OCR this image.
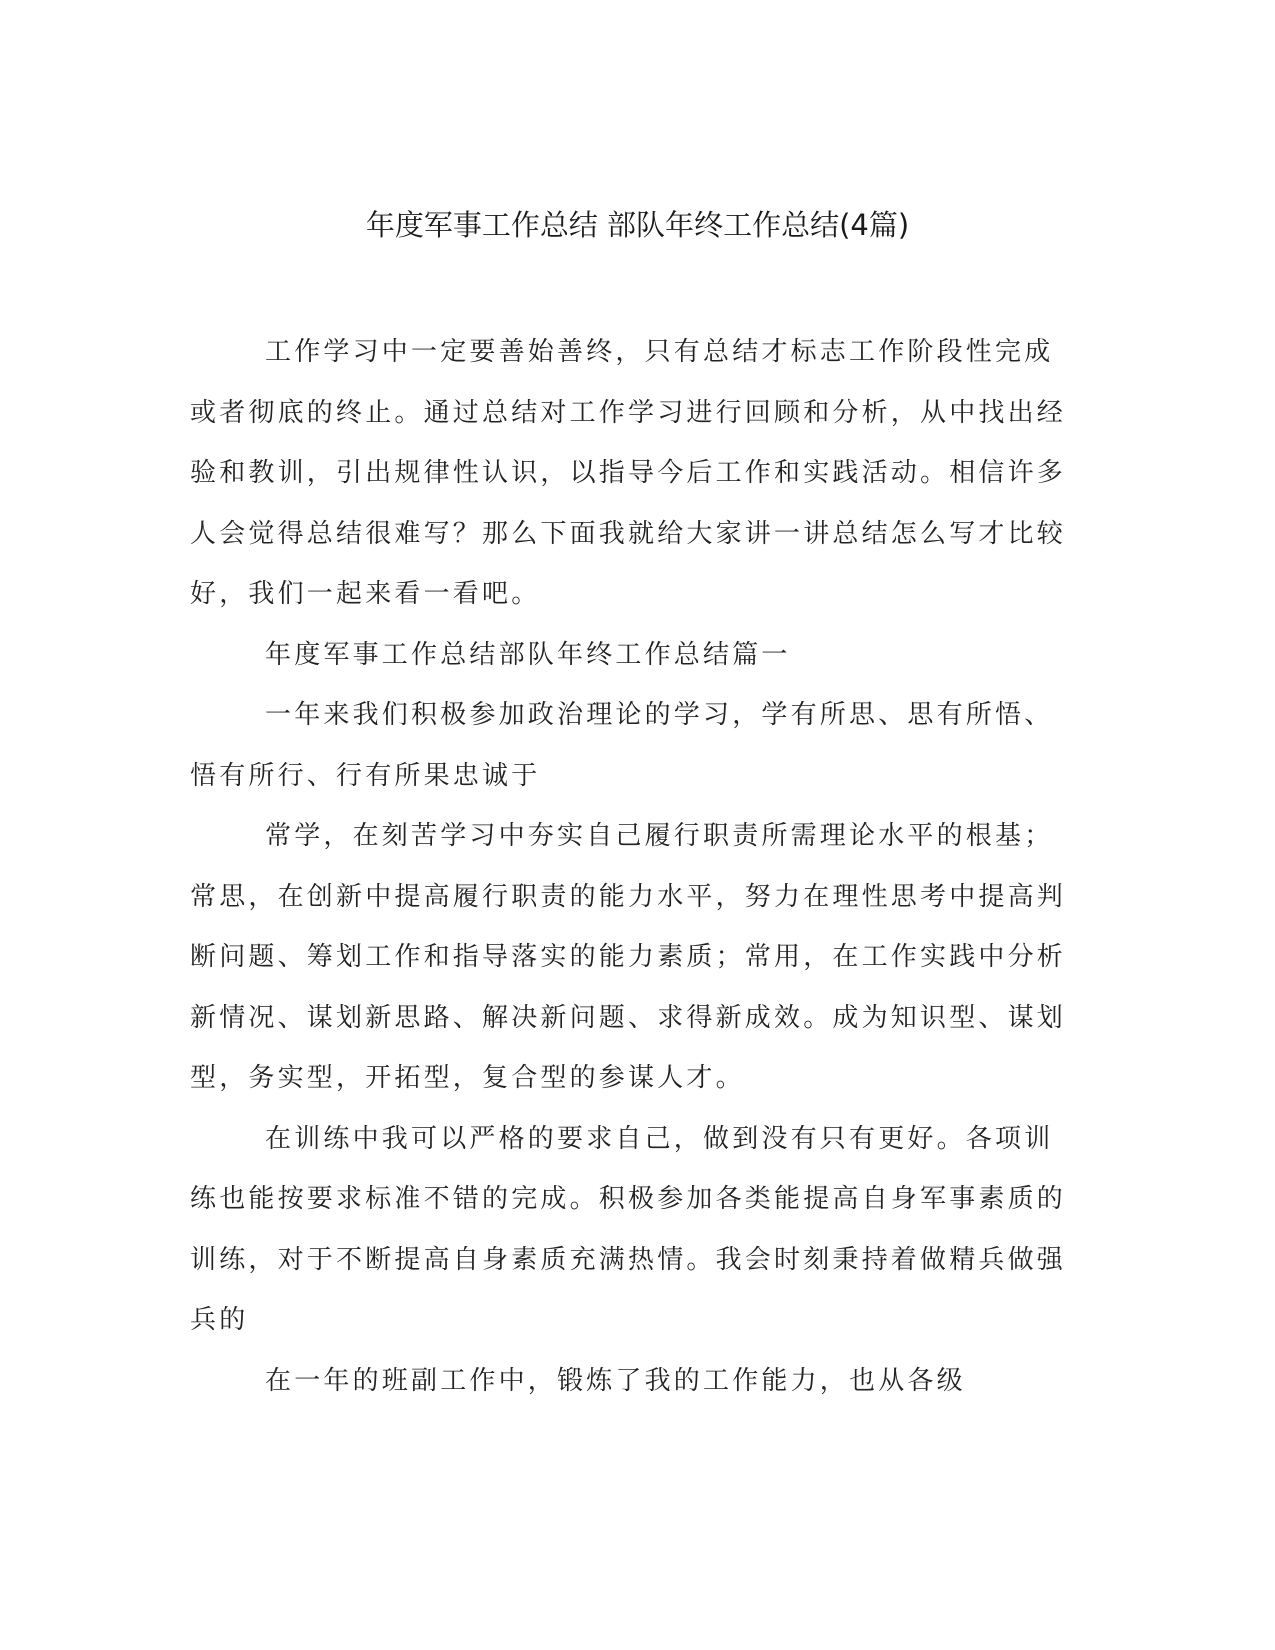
年度军事工作总结 部队年终工作总结(4篇)

工作学习中一定要善始善终，只有总结才标志工作阶段性完成或者彻底的终止。通过总结对工作学习进行回顾和分析，从中找出经验和教训，引出规律性认识，以指导今后工作和实践活动。相信许多人会觉得总结很难写？那么下面我就给大家讲一讲总结怎么写才比较好，我们一起来看一看吧。

年度军事工作总结部队年终工作总结篇一

一年来我们积极参加政治理论的学习，学有所思、思有所悟、悟有所行、行有所果忠诚于

常学，在刻苦学习中夯实自己履行职责所需理论水平的根基；常思，在创新中提高履行职责的能力水平，努力在理性思考中提高判断问题、筹划工作和指导落实的能力素质；常用，在工作实践中分析新情况、谋划新思路、解决新问题、求得新成效。成为知识型、谋划型，务实型，开拓型，复合型的参谋人才。

在训练中我可以严格的要求自己，做到没有只有更好。各项训练也能按要求标准不错的完成。积极参加各类能提高自身军事素质的训练，对于不断提高自身素质充满热情。我会时刻秉持着做精兵做强兵的

在一年的班副工作中，锻炼了我的工作能力，也从各级
